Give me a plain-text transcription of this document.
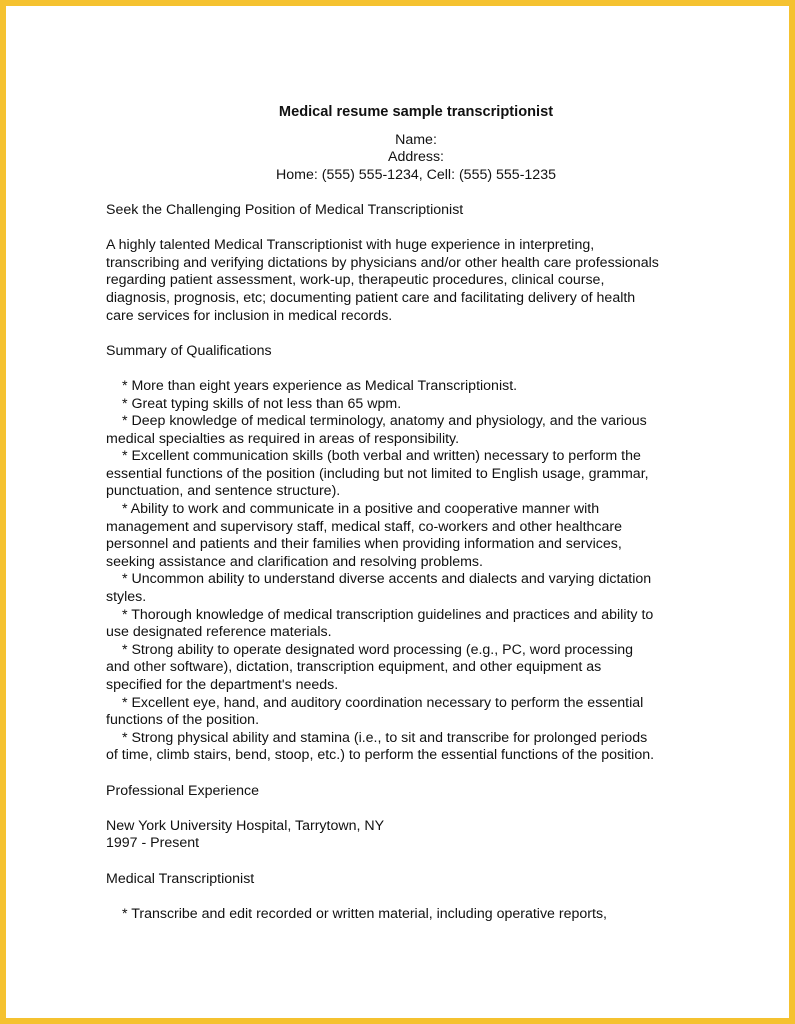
Medical resume sample transcriptionist

Name:

Address:

Home: (555) 555-1234, Cell: (555) 555-1235

Seek the Challenging Position of Medical Transcriptionist

A highly talented Medical Transcriptionist with huge experience in interpreting,
transcribing and verifying dictations by physicians and/or other health care professionals
regarding patient assessment, work-up, therapeutic procedures, clinical course,
diagnosis, prognosis, etc; documenting patient care and facilitating delivery of health
care services for inclusion in medical records.

Summary of Qualifications

* More than eight years experience as Medical Transcriptionist.

* Great typing skills of not less than 65 wpm.

* Deep knowledge of medical terminology, anatomy and physiology, and the various
medical specialties as required in areas of responsibility.

* Excellent communication skills (both verbal and written) necessary to perform the
essential functions of the position (including but not limited to English usage, grammar,
punctuation, and sentence structure).

* Ability to work and communicate in a positive and cooperative manner with
management and supervisory staff, medical staff, co-workers and other healthcare
personnel and patients and their families when providing information and services,
seeking assistance and clarification and resolving problems.

* Uncommon ability to understand diverse accents and dialects and varying dictation
styles.

* Thorough knowledge of medical transcription guidelines and practices and ability to
use designated reference materials.

* Strong ability to operate designated word processing (e.g., PC, word processing
and other software), dictation, transcription equipment, and other equipment as
specified for the department's needs.

* Excellent eye, hand, and auditory coordination necessary to perform the essential
functions of the position.

* Strong physical ability and stamina (i.e., to sit and transcribe for prolonged periods
of time, climb stairs, bend, stoop, etc.) to perform the essential functions of the position.

Professional Experience

New York University Hospital, Tarrytown, NY

1997 - Present

Medical Transcriptionist

* Transcribe and edit recorded or written material, including operative reports,
